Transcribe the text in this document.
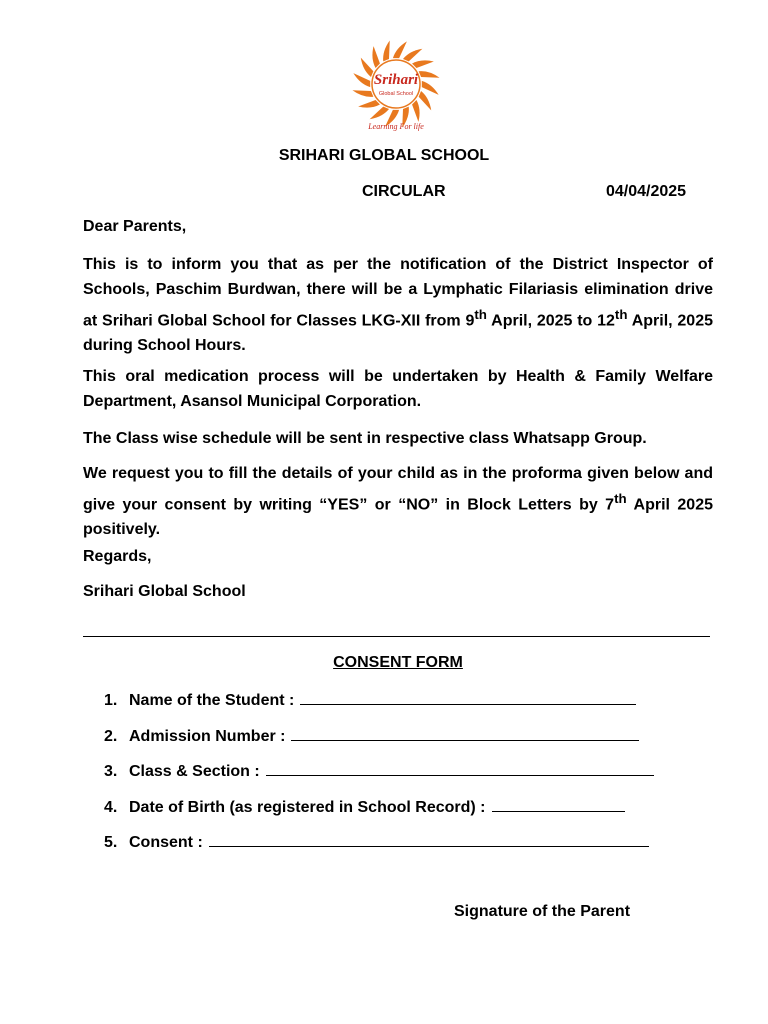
Srihari
Global School
Learning For life
SRIHARI GLOBAL SCHOOL
CIRCULAR	04/04/2025
Dear Parents,
This is to inform you that as per the notification of the District Inspector of Schools, Paschim Burdwan, there will be a Lymphatic Filariasis elimination drive at Srihari Global School for Classes LKG-XII from 9th April, 2025 to 12th April, 2025 during School Hours.
This oral medication process will be undertaken by Health & Family Welfare Department, Asansol Municipal Corporation.
The Class wise schedule will be sent in respective class Whatsapp Group.
We request you to fill the details of your child as in the proforma given below and give your consent by writing “YES” or “NO” in Block Letters by 7th April 2025 positively.
Regards,
Srihari Global School
CONSENT FORM
1. Name of the Student :
2. Admission Number :
3. Class & Section :
4. Date of Birth (as registered in School Record) :
5. Consent :
Signature of the Parent
